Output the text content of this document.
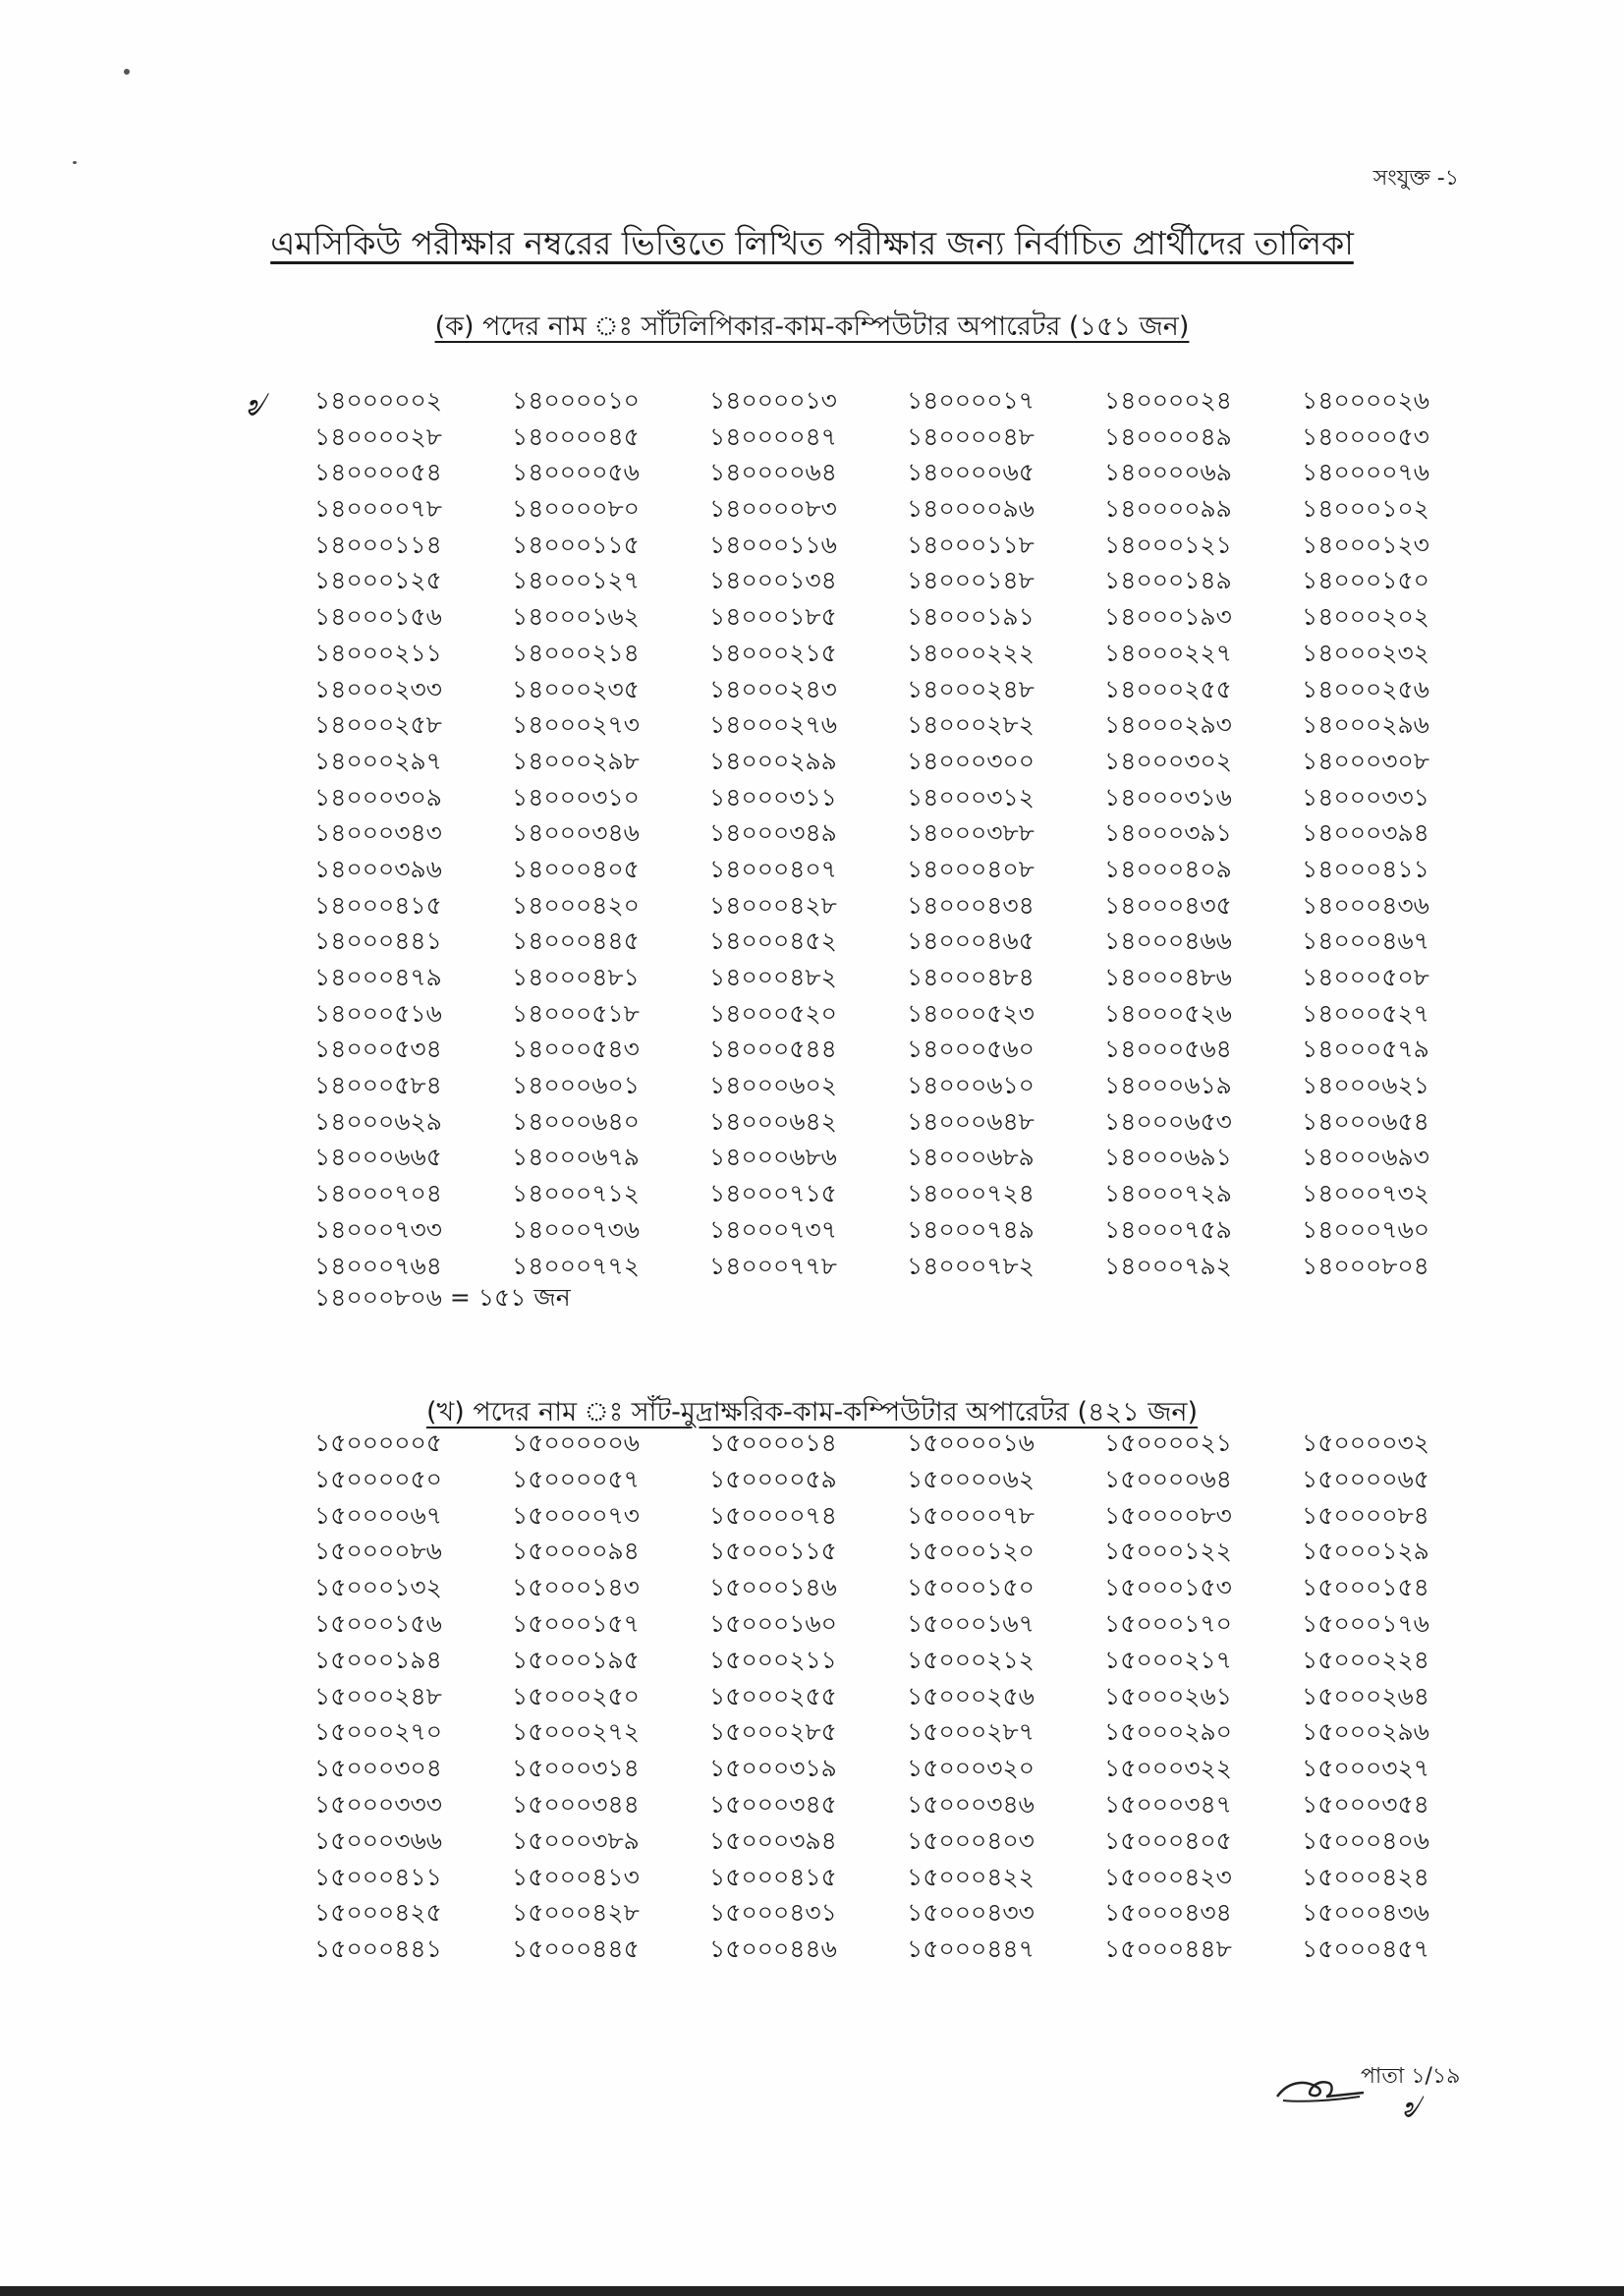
সংযুক্ত -১
এমসিকিউ পরীক্ষার নম্বরের ভিত্তিতে লিখিত পরীক্ষার জন্য নির্বাচিত প্রার্থীদের তালিকা
(ক) পদের নাম ঃ সাঁটলিপিকার-কাম-কম্পিউটার অপারেটর (১৫১ জন)
৶ ১৪০০০০০২	১৪০০০০১০	১৪০০০০১৩	১৪০০০০১৭	১৪০০০০২৪	১৪০০০০২৬
১৪০০০০২৮	১৪০০০০৪৫	১৪০০০০৪৭	১৪০০০০৪৮	১৪০০০০৪৯	১৪০০০০৫৩
১৪০০০০৫৪	১৪০০০০৫৬	১৪০০০০৬৪	১৪০০০০৬৫	১৪০০০০৬৯	১৪০০০০৭৬
১৪০০০০৭৮	১৪০০০০৮০	১৪০০০০৮৩	১৪০০০০৯৬	১৪০০০০৯৯	১৪০০০১০২
১৪০০০১১৪	১৪০০০১১৫	১৪০০০১১৬	১৪০০০১১৮	১৪০০০১২১	১৪০০০১২৩
১৪০০০১২৫	১৪০০০১২৭	১৪০০০১৩৪	১৪০০০১৪৮	১৪০০০১৪৯	১৪০০০১৫০
১৪০০০১৫৬	১৪০০০১৬২	১৪০০০১৮৫	১৪০০০১৯১	১৪০০০১৯৩	১৪০০০২০২
১৪০০০২১১	১৪০০০২১৪	১৪০০০২১৫	১৪০০০২২২	১৪০০০২২৭	১৪০০০২৩২
১৪০০০২৩৩	১৪০০০২৩৫	১৪০০০২৪৩	১৪০০০২৪৮	১৪০০০২৫৫	১৪০০০২৫৬
১৪০০০২৫৮	১৪০০০২৭৩	১৪০০০২৭৬	১৪০০০২৮২	১৪০০০২৯৩	১৪০০০২৯৬
১৪০০০২৯৭	১৪০০০২৯৮	১৪০০০২৯৯	১৪০০০৩০০	১৪০০০৩০২	১৪০০০৩০৮
১৪০০০৩০৯	১৪০০০৩১০	১৪০০০৩১১	১৪০০০৩১২	১৪০০০৩১৬	১৪০০০৩৩১
১৪০০০৩৪৩	১৪০০০৩৪৬	১৪০০০৩৪৯	১৪০০০৩৮৮	১৪০০০৩৯১	১৪০০০৩৯৪
১৪০০০৩৯৬	১৪০০০৪০৫	১৪০০০৪০৭	১৪০০০৪০৮	১৪০০০৪০৯	১৪০০০৪১১
১৪০০০৪১৫	১৪০০০৪২০	১৪০০০৪২৮	১৪০০০৪৩৪	১৪০০০৪৩৫	১৪০০০৪৩৬
১৪০০০৪৪১	১৪০০০৪৪৫	১৪০০০৪৫২	১৪০০০৪৬৫	১৪০০০৪৬৬	১৪০০০৪৬৭
১৪০০০৪৭৯	১৪০০০৪৮১	১৪০০০৪৮২	১৪০০০৪৮৪	১৪০০০৪৮৬	১৪০০০৫০৮
১৪০০০৫১৬	১৪০০০৫১৮	১৪০০০৫২০	১৪০০০৫২৩	১৪০০০৫২৬	১৪০০০৫২৭
১৪০০০৫৩৪	১৪০০০৫৪৩	১৪০০০৫৪৪	১৪০০০৫৬০	১৪০০০৫৬৪	১৪০০০৫৭৯
১৪০০০৫৮৪	১৪০০০৬০১	১৪০০০৬০২	১৪০০০৬১০	১৪০০০৬১৯	১৪০০০৬২১
১৪০০০৬২৯	১৪০০০৬৪০	১৪০০০৬৪২	১৪০০০৬৪৮	১৪০০০৬৫৩	১৪০০০৬৫৪
১৪০০০৬৬৫	১৪০০০৬৭৯	১৪০০০৬৮৬	১৪০০০৬৮৯	১৪০০০৬৯১	১৪০০০৬৯৩
১৪০০০৭০৪	১৪০০০৭১২	১৪০০০৭১৫	১৪০০০৭২৪	১৪০০০৭২৯	১৪০০০৭৩২
১৪০০০৭৩৩	১৪০০০৭৩৬	১৪০০০৭৩৭	১৪০০০৭৪৯	১৪০০০৭৫৯	১৪০০০৭৬০
১৪০০০৭৬৪	১৪০০০৭৭২	১৪০০০৭৭৮	১৪০০০৭৮২	১৪০০০৭৯২	১৪০০০৮০৪
১৪০০০৮০৬ = ১৫১ জন
(খ) পদের নাম ঃ সাঁট-মুদ্রাক্ষরিক-কাম-কম্পিউটার অপারেটর (৪২১ জন)
১৫০০০০০৫	১৫০০০০০৬	১৫০০০০১৪	১৫০০০০১৬	১৫০০০০২১	১৫০০০০৩২
১৫০০০০৫০	১৫০০০০৫৭	১৫০০০০৫৯	১৫০০০০৬২	১৫০০০০৬৪	১৫০০০০৬৫
১৫০০০০৬৭	১৫০০০০৭৩	১৫০০০০৭৪	১৫০০০০৭৮	১৫০০০০৮৩	১৫০০০০৮৪
১৫০০০০৮৬	১৫০০০০৯৪	১৫০০০১১৫	১৫০০০১২০	১৫০০০১২২	১৫০০০১২৯
১৫০০০১৩২	১৫০০০১৪৩	১৫০০০১৪৬	১৫০০০১৫০	১৫০০০১৫৩	১৫০০০১৫৪
১৫০০০১৫৬	১৫০০০১৫৭	১৫০০০১৬০	১৫০০০১৬৭	১৫০০০১৭০	১৫০০০১৭৬
১৫০০০১৯৪	১৫০০০১৯৫	১৫০০০২১১	১৫০০০২১২	১৫০০০২১৭	১৫০০০২২৪
১৫০০০২৪৮	১৫০০০২৫০	১৫০০০২৫৫	১৫০০০২৫৬	১৫০০০২৬১	১৫০০০২৬৪
১৫০০০২৭০	১৫০০০২৭২	১৫০০০২৮৫	১৫০০০২৮৭	১৫০০০২৯০	১৫০০০২৯৬
১৫০০০৩০৪	১৫০০০৩১৪	১৫০০০৩১৯	১৫০০০৩২০	১৫০০০৩২২	১৫০০০৩২৭
১৫০০০৩৩৩	১৫০০০৩৪৪	১৫০০০৩৪৫	১৫০০০৩৪৬	১৫০০০৩৪৭	১৫০০০৩৫৪
১৫০০০৩৬৬	১৫০০০৩৮৯	১৫০০০৩৯৪	১৫০০০৪০৩	১৫০০০৪০৫	১৫০০০৪০৬
১৫০০০৪১১	১৫০০০৪১৩	১৫০০০৪১৫	১৫০০০৪২২	১৫০০০৪২৩	১৫০০০৪২৪
১৫০০০৪২৫	১৫০০০৪২৮	১৫০০০৪৩১	১৫০০০৪৩৩	১৫০০০৪৩৪	১৫০০০৪৩৬
১৫০০০৪৪১	১৫০০০৪৪৫	১৫০০০৪৪৬	১৫০০০৪৪৭	১৫০০০৪৪৮	১৫০০০৪৫৭
পাতা ১/১৯
৶
